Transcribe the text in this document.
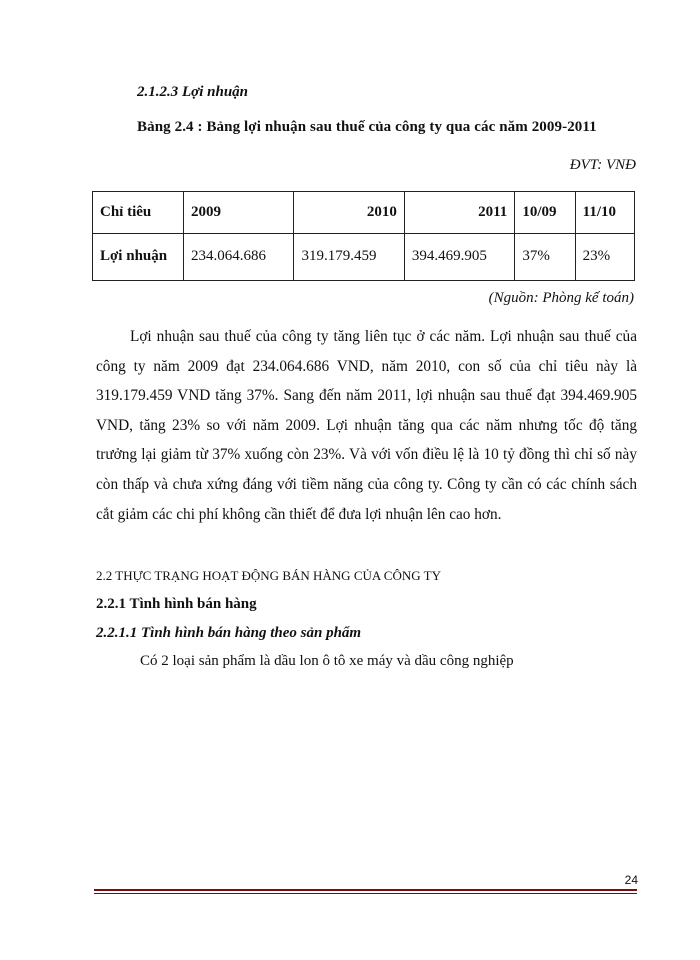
2.1.2.3 Lợi nhuận
Bảng 2.4 : Bảng lợi nhuận sau thuế của công ty qua các năm 2009-2011
ĐVT: VNĐ
Chỉ tiêu	2009	2010	2011	10/09	11/10
Lợi nhuận	234.064.686	319.179.459	394.469.905	37%	23%
(Nguồn: Phòng kế toán)
Lợi nhuận sau thuế của công ty tăng liên tục ở các năm. Lợi nhuận sau thuế của công ty năm 2009 đạt 234.064.686 VND, năm 2010, con số của chỉ tiêu này là 319.179.459 VND tăng 37%. Sang đến năm 2011, lợi nhuận sau thuế đạt 394.469.905 VND, tăng 23% so với năm 2009. Lợi nhuận tăng qua các năm nhưng tốc độ tăng trưởng lại giảm từ 37% xuống còn 23%. Và với vốn điều lệ là 10 tỷ đồng thì chỉ số này còn thấp và chưa xứng đáng với tiềm năng của công ty. Công ty cần có các chính sách cắt giảm các chi phí không cần thiết để đưa lợi nhuận lên cao hơn.
2.2 THỰC TRẠNG HOẠT ĐỘNG BÁN HÀNG CỦA CÔNG TY
2.2.1 Tình hình bán hàng
2.2.1.1 Tình hình bán hàng theo sản phẩm
Có 2 loại sản phẩm là dầu lon ô tô xe máy và dầu công nghiệp
24
